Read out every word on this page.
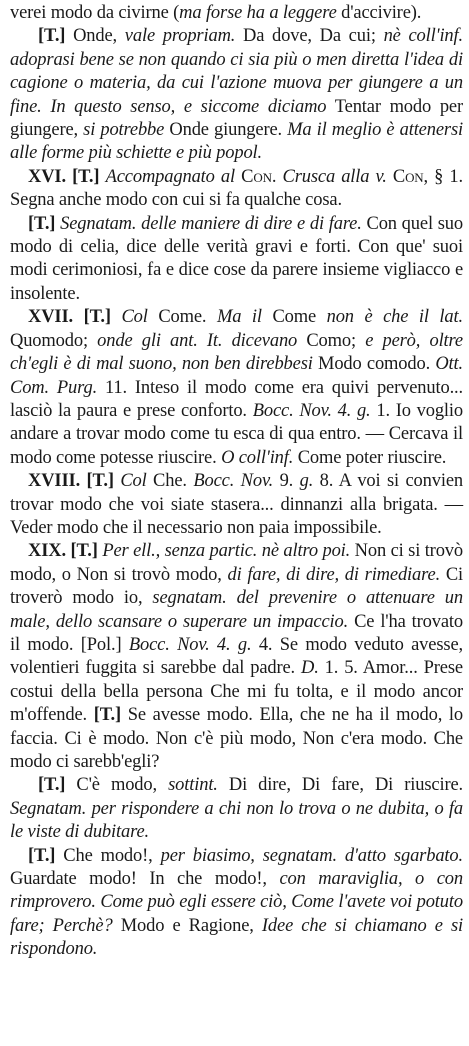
verei modo da civirne (ma forse ha a leggere d'accivire).

[T.] Onde, vale propriam. Da dove, Da cui; nè coll'inf. adoprasi bene se non quando ci sia più o men diretta l'idea di cagione o materia, da cui l'azione muova per giungere a un fine. In questo senso, e siccome diciamo Tentar modo per giungere, si potrebbe Onde giungere. Ma il meglio è attenersi alle forme più schiette e più popol.

XVI. [T.] Accompagnato al Con. Crusca alla v. Con, § 1. Segna anche modo con cui si fa qualche cosa.

[T.] Segnatam. delle maniere di dire e di fare. Con quel suo modo di celia, dice delle verità gravi e forti. Con que' suoi modi cerimoniosi, fa e dice cose da parere insieme vigliacco e insolente.

XVII. [T.] Col Come. Ma il Come non è che il lat. Quomodo; onde gli ant. It. dicevano Como; e però, oltre ch'egli è di mal suono, non ben direbbesi Modo comodo. Ott. Com. Purg. 11. Inteso il modo come era quivi pervenuto... lasciò la paura e prese conforto. Bocc. Nov. 4. g. 1. Io voglio andare a trovar modo come tu esca di qua entro. — Cercava il modo come potesse riuscire. O coll'inf. Come poter riuscire.

XVIII. [T.] Col Che. Bocc. Nov. 9. g. 8. A voi si convien trovar modo che voi siate stasera... dinnanzi alla brigata. — Veder modo che il necessario non paia impossibile.

XIX. [T.] Per ell., senza partic. nè altro poi. Non ci si trovò modo, o Non si trovò modo, di fare, di dire, di rimediare. Ci troverò modo io, segnatam. del prevenire o attenuare un male, dello scansare o superare un impaccio. Ce l'ha trovato il modo. [Pol.] Bocc. Nov. 4. g. 4. Se modo veduto avesse, volentieri fuggita si sarebbe dal padre. D. 1. 5. Amor... Prese costui della bella persona Che mi fu tolta, e il modo ancor m'offende. [T.] Se avesse modo. Ella, che ne ha il modo, lo faccia. Ci è modo. Non c'è più modo, Non c'era modo. Che modo ci sarebb'egli?

[T.] C'è modo, sottint. Di dire, Di fare, Di riuscire. Segnatam. per rispondere a chi non lo trova o ne dubita, o fa le viste di dubitare.

[T.] Che modo!, per biasimo, segnatam. d'atto sgarbato. Guardate modo! In che modo!, con maraviglia, o con rimprovero. Come può egli essere ciò, Come l'avete voi potuto fare; Perchè? Modo e Ragione, Idee che si chiamano e si rispondono.
